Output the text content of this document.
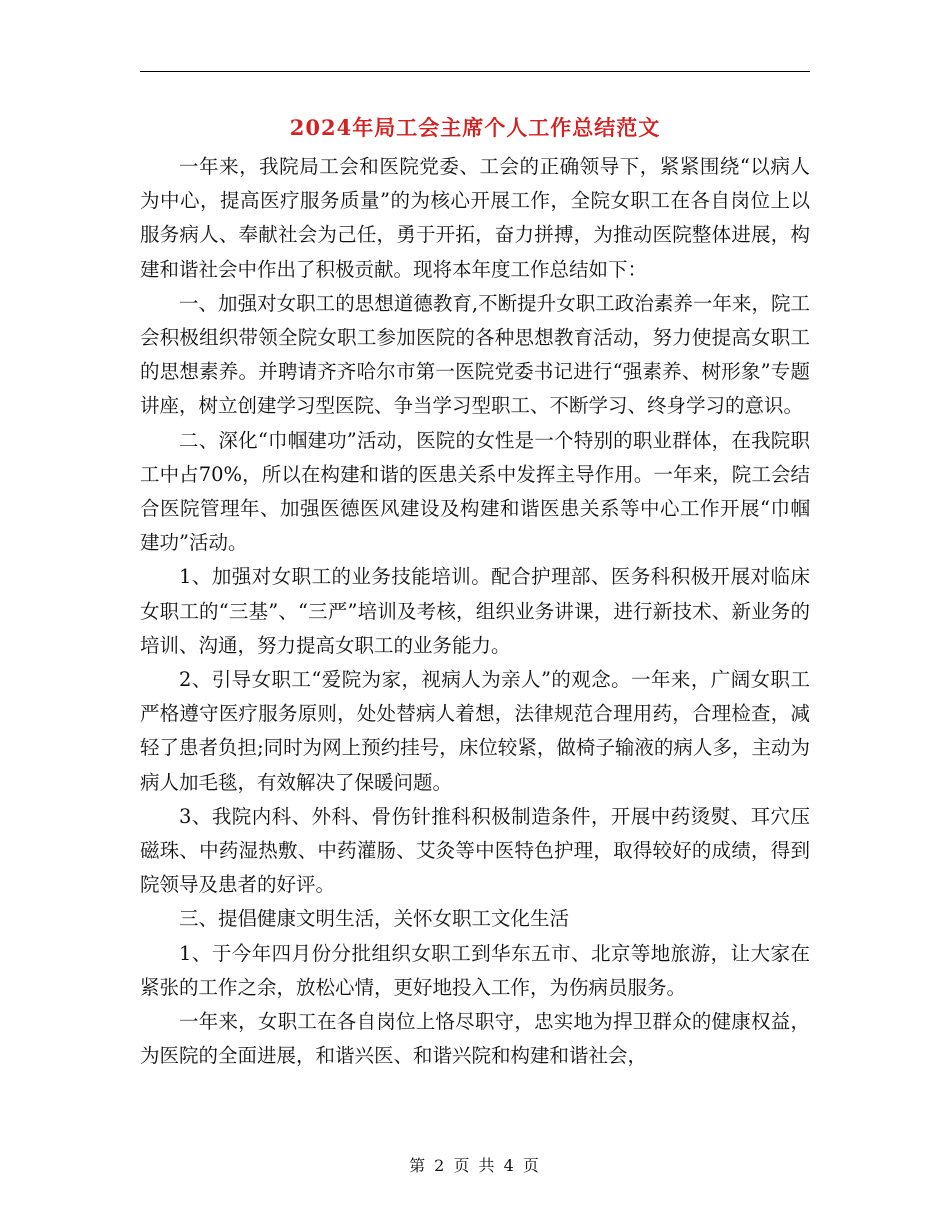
2024年局工会主席个人工作总结范文

一年来，我院局工会和医院党委、工会的正确领导下，紧紧围绕“以病人为中心，提高医疗服务质量”的为核心开展工作，全院女职工在各自岗位上以服务病人、奉献社会为己任，勇于开拓，奋力拼搏，为推动医院整体进展，构建和谐社会中作出了积极贡献。现将本年度工作总结如下：

一、加强对女职工的思想道德教育,不断提升女职工政治素养一年来，院工会积极组织带领全院女职工参加医院的各种思想教育活动，努力使提高女职工的思想素养。并聘请齐齐哈尔市第一医院党委书记进行“强素养、树形象”专题讲座，树立创建学习型医院、争当学习型职工、不断学习、终身学习的意识。

二、深化“巾帼建功”活动，医院的女性是一个特别的职业群体，在我院职工中占70%，所以在构建和谐的医患关系中发挥主导作用。一年来，院工会结合医院管理年、加强医德医风建设及构建和谐医患关系等中心工作开展“巾帼建功”活动。

1、加强对女职工的业务技能培训。配合护理部、医务科积极开展对临床女职工的“三基”、“三严”培训及考核，组织业务讲课，进行新技术、新业务的培训、沟通，努力提高女职工的业务能力。

2、引导女职工“爱院为家，视病人为亲人”的观念。一年来，广阔女职工严格遵守医疗服务原则，处处替病人着想，法律规范合理用药，合理检查，减轻了患者负担;同时为网上预约挂号，床位较紧，做椅子输液的病人多，主动为病人加毛毯，有效解决了保暖问题。

3、我院内科、外科、骨伤针推科积极制造条件，开展中药烫熨、耳穴压磁珠、中药湿热敷、中药灌肠、艾灸等中医特色护理，取得较好的成绩，得到院领导及患者的好评。

三、提倡健康文明生活，关怀女职工文化生活

1、于今年四月份分批组织女职工到华东五市、北京等地旅游，让大家在紧张的工作之余，放松心情，更好地投入工作，为伤病员服务。

一年来，女职工在各自岗位上恪尽职守，忠实地为捍卫群众的健康权益，为医院的全面进展，和谐兴医、和谐兴院和构建和谐社会，

第 2 页 共 4 页
